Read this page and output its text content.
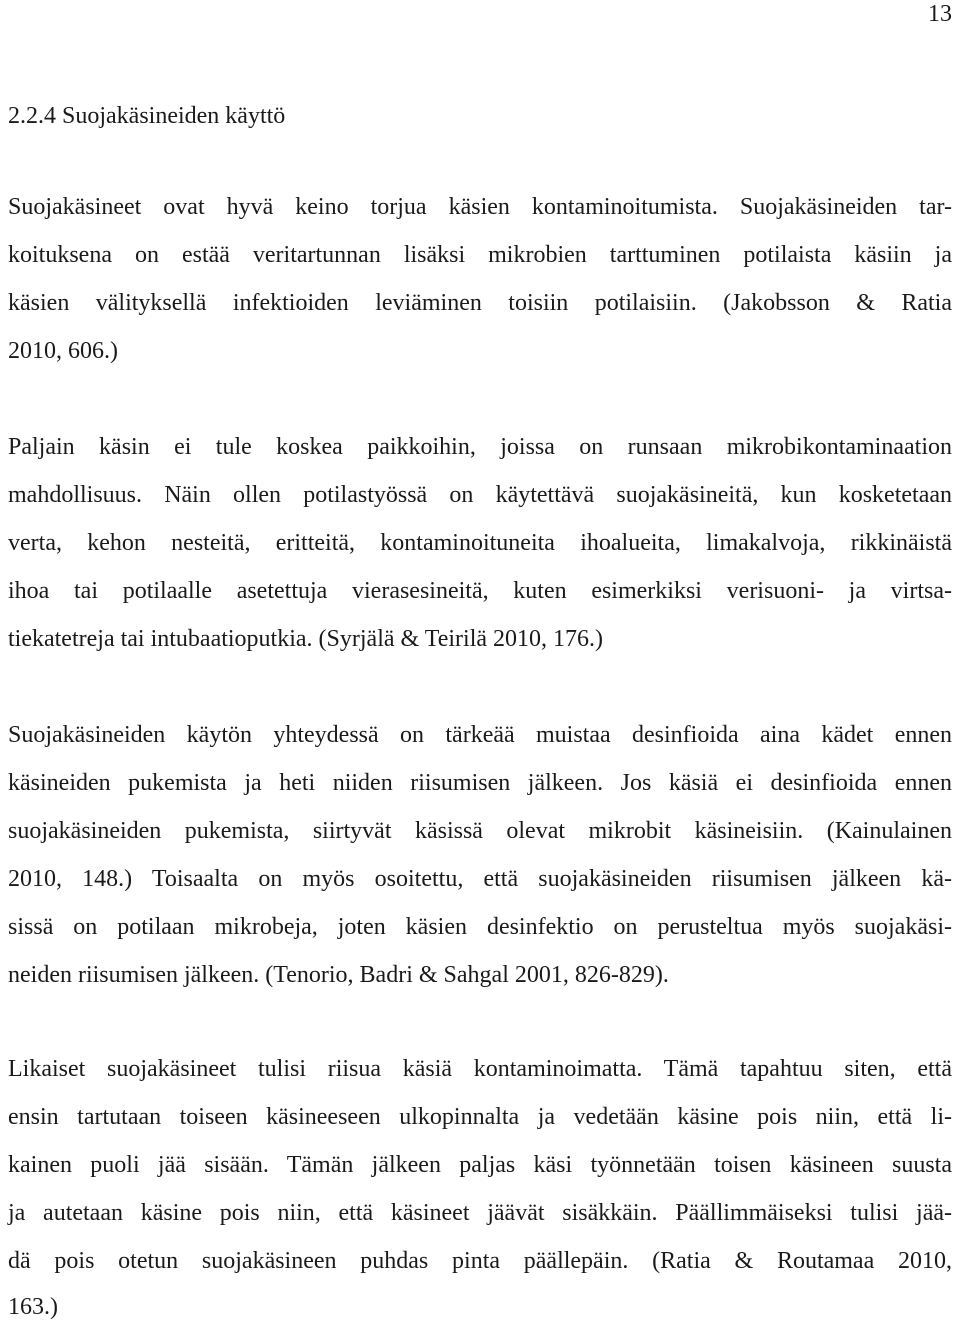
13
2.2.4 Suojakäsineiden käyttö
Suojakäsineet ovat hyvä keino torjua käsien kontaminoitumista. Suojakäsineiden tar-
koituksena on estää veritartunnan lisäksi mikrobien tarttuminen potilaista käsiin ja
käsien välityksellä infektioiden leviäminen toisiin potilaisiin. (Jakobsson & Ratia
2010, 606.)
Paljain käsin ei tule koskea paikkoihin, joissa on runsaan mikrobikontaminaation
mahdollisuus. Näin ollen potilastyössä on käytettävä suojakäsineitä, kun kosketetaan
verta, kehon nesteitä, eritteitä, kontaminoituneita ihoalueita, limakalvoja, rikkinäistä
ihoa tai potilaalle asetettuja vierasesineitä, kuten esimerkiksi verisuoni- ja virtsa-
tiekatetreja tai intubaatioputkia. (Syrjälä & Teirilä 2010, 176.)
Suojakäsineiden käytön yhteydessä on tärkeää muistaa desinfioida aina kädet ennen
käsineiden pukemista ja heti niiden riisumisen jälkeen. Jos käsiä ei desinfioida ennen
suojakäsineiden pukemista, siirtyvät käsissä olevat mikrobit käsineisiin. (Kainulainen
2010, 148.) Toisaalta on myös osoitettu, että suojakäsineiden riisumisen jälkeen kä-
sissä on potilaan mikrobeja, joten käsien desinfektio on perusteltua myös suojakäsi-
neiden riisumisen jälkeen. (Tenorio, Badri & Sahgal 2001, 826-829).
Likaiset suojakäsineet tulisi riisua käsiä kontaminoimatta. Tämä tapahtuu siten, että
ensin tartutaan toiseen käsineeseen ulkopinnalta ja vedetään käsine pois niin, että li-
kainen puoli jää sisään. Tämän jälkeen paljas käsi työnnetään toisen käsineen suusta
ja autetaan käsine pois niin, että käsineet jäävät sisäkkäin. Päällimmäiseksi tulisi jää-
dä pois otetun suojakäsineen puhdas pinta päällepäin. (Ratia & Routamaa 2010,
163.)
